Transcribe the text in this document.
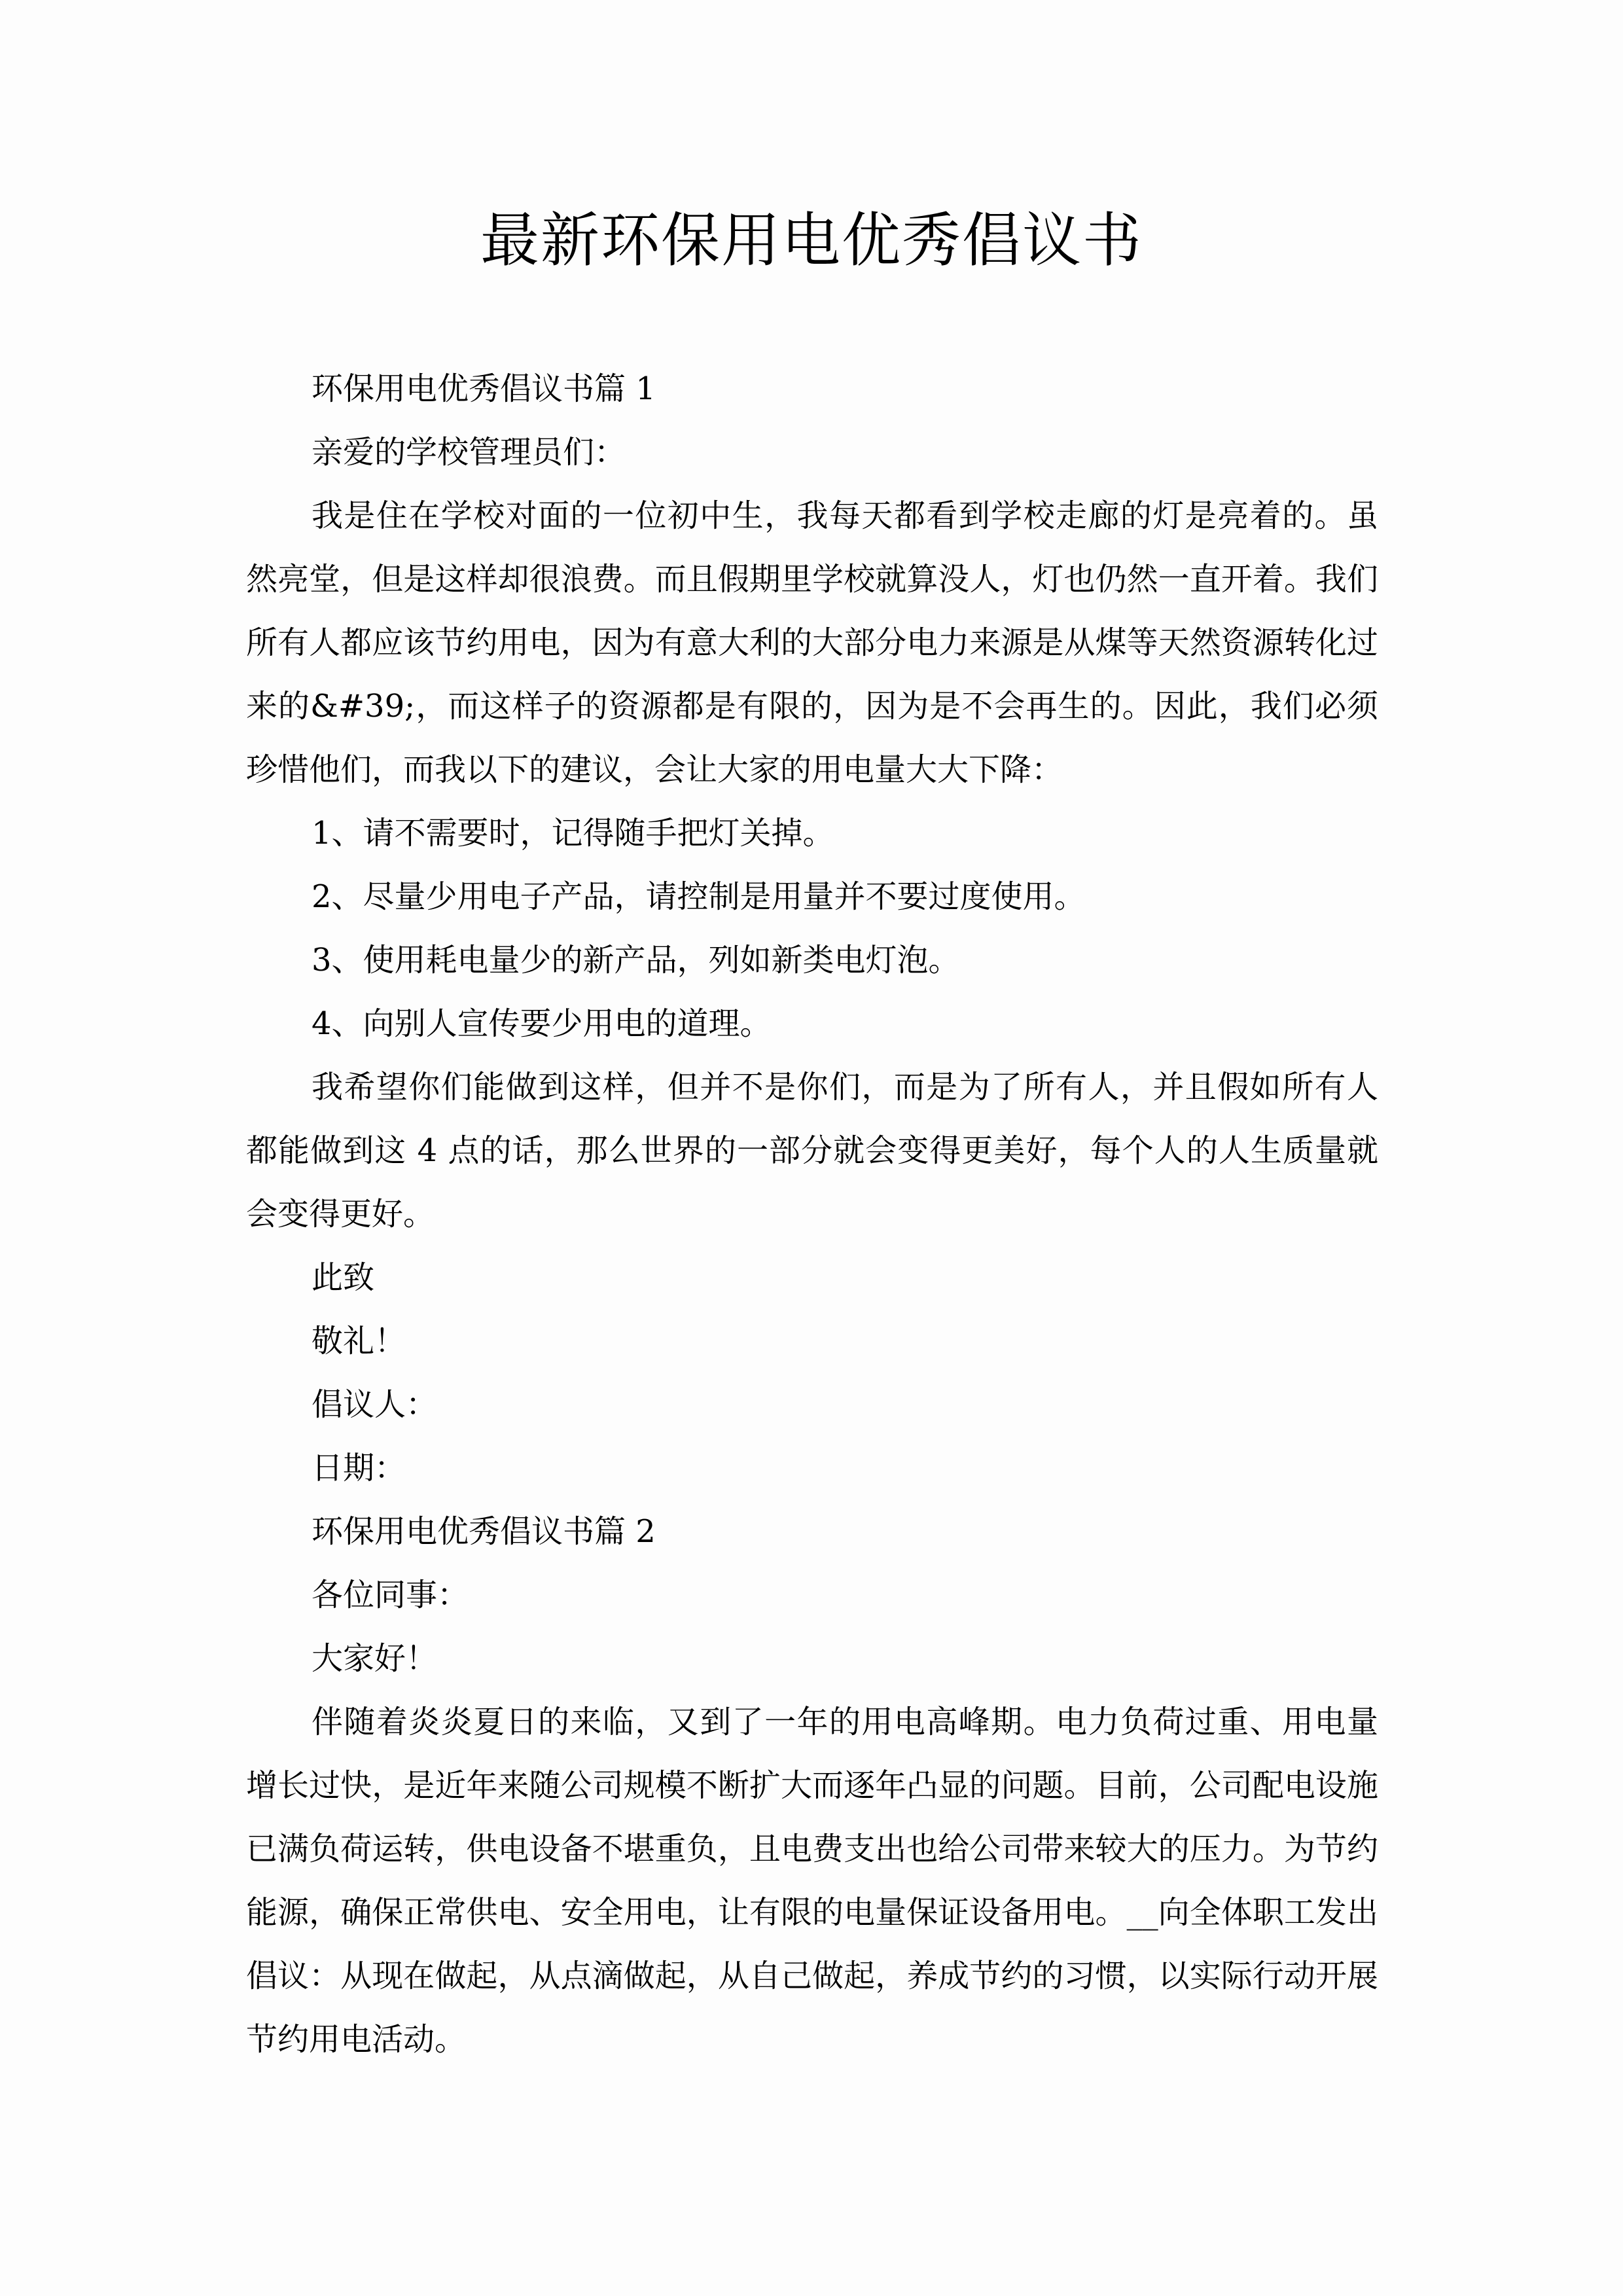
最新环保用电优秀倡议书

环保用电优秀倡议书篇 1

亲爱的学校管理员们：

我是住在学校对面的一位初中生，我每天都看到学校走廊的灯是亮着的。虽然亮堂，但是这样却很浪费。而且假期里学校就算没人，灯也仍然一直开着。我们所有人都应该节约用电，因为有意大利的大部分电力来源是从煤等天然资源转化过来的&#39;，而这样子的资源都是有限的，因为是不会再生的。因此，我们必须珍惜他们，而我以下的建议，会让大家的用电量大大下降：

1、请不需要时，记得随手把灯关掉。

2、尽量少用电子产品，请控制是用量并不要过度使用。

3、使用耗电量少的新产品，列如新类电灯泡。

4、向别人宣传要少用电的道理。

我希望你们能做到这样，但并不是你们，而是为了所有人，并且假如所有人都能做到这 4 点的话，那么世界的一部分就会变得更美好，每个人的人生质量就会变得更好。

此致

敬礼！

倡议人：

日期：

环保用电优秀倡议书篇 2

各位同事：

大家好！

伴随着炎炎夏日的来临，又到了一年的用电高峰期。电力负荷过重、用电量增长过快，是近年来随公司规模不断扩大而逐年凸显的问题。目前，公司配电设施已满负荷运转，供电设备不堪重负，且电费支出也给公司带来较大的压力。为节约能源，确保正常供电、安全用电，让有限的电量保证设备用电。__向全体职工发出倡议：从现在做起，从点滴做起，从自己做起，养成节约的习惯，以实际行动开展节约用电活动。
